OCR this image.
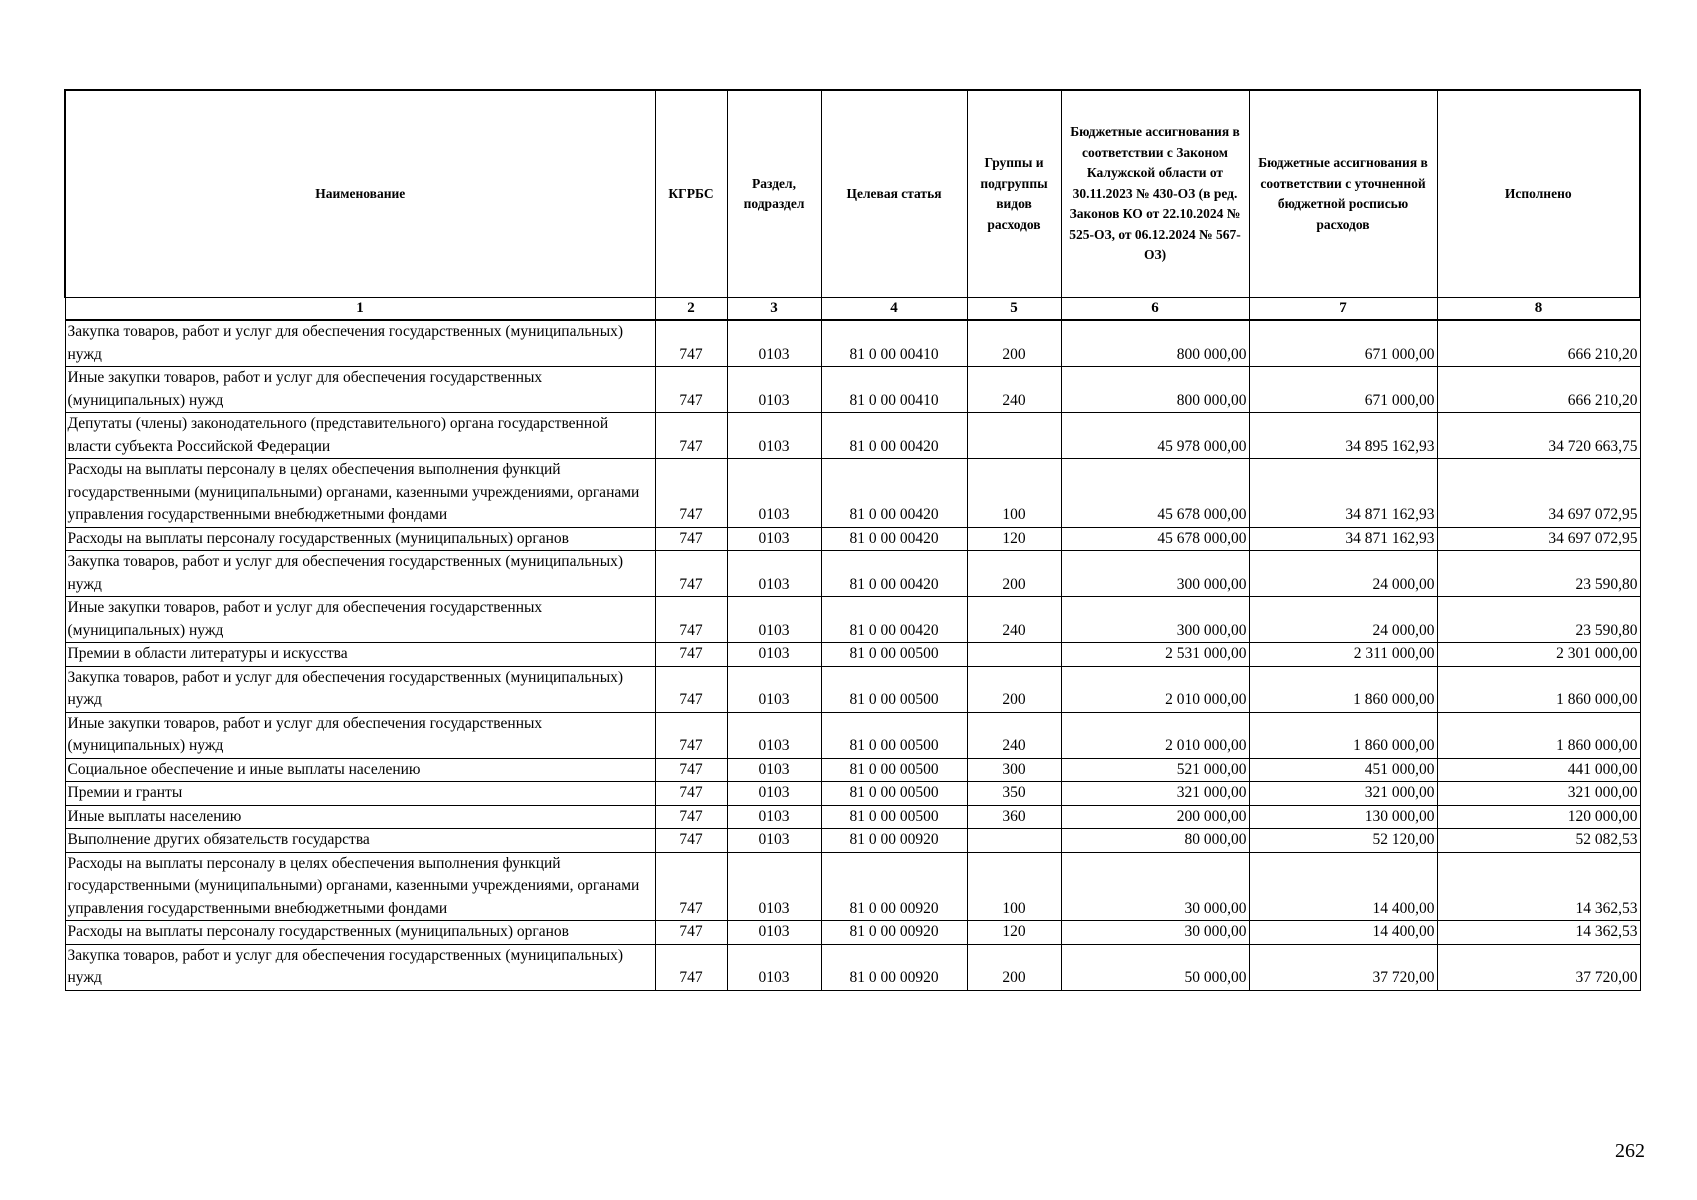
Наименование	КГРБС	Раздел, подраздел	Целевая статья	Группы и подгруппы видов расходов	Бюджетные ассигнования в соответствии с Законом Калужской области от 30.11.2023 № 430-ОЗ (в ред. Законов КО от 22.10.2024 № 525-ОЗ, от 06.12.2024 № 567-ОЗ)	Бюджетные ассигнования в соответствии с уточненной бюджетной росписью расходов	Исполнено
1	2	3	4	5	6	7	8
Закупка товаров, работ и услуг для обеспечения государственных (муниципальных) нужд	747	0103	81 0 00 00410	200	800 000,00	671 000,00	666 210,20
Иные закупки товаров, работ и услуг для обеспечения государственных (муниципальных) нужд	747	0103	81 0 00 00410	240	800 000,00	671 000,00	666 210,20
Депутаты (члены) законодательного (представительного) органа государственной власти субъекта Российской Федерации	747	0103	81 0 00 00420		45 978 000,00	34 895 162,93	34 720 663,75
Расходы на выплаты персоналу в целях обеспечения выполнения функций государственными (муниципальными) органами, казенными учреждениями, органами управления государственными внебюджетными фондами	747	0103	81 0 00 00420	100	45 678 000,00	34 871 162,93	34 697 072,95
Расходы на выплаты персоналу государственных (муниципальных) органов	747	0103	81 0 00 00420	120	45 678 000,00	34 871 162,93	34 697 072,95
Закупка товаров, работ и услуг для обеспечения государственных (муниципальных) нужд	747	0103	81 0 00 00420	200	300 000,00	24 000,00	23 590,80
Иные закупки товаров, работ и услуг для обеспечения государственных (муниципальных) нужд	747	0103	81 0 00 00420	240	300 000,00	24 000,00	23 590,80
Премии в области литературы и искусства	747	0103	81 0 00 00500		2 531 000,00	2 311 000,00	2 301 000,00
Закупка товаров, работ и услуг для обеспечения государственных (муниципальных) нужд	747	0103	81 0 00 00500	200	2 010 000,00	1 860 000,00	1 860 000,00
Иные закупки товаров, работ и услуг для обеспечения государственных (муниципальных) нужд	747	0103	81 0 00 00500	240	2 010 000,00	1 860 000,00	1 860 000,00
Социальное обеспечение и иные выплаты населению	747	0103	81 0 00 00500	300	521 000,00	451 000,00	441 000,00
Премии и гранты	747	0103	81 0 00 00500	350	321 000,00	321 000,00	321 000,00
Иные выплаты населению	747	0103	81 0 00 00500	360	200 000,00	130 000,00	120 000,00
Выполнение других обязательств государства	747	0103	81 0 00 00920		80 000,00	52 120,00	52 082,53
Расходы на выплаты персоналу в целях обеспечения выполнения функций государственными (муниципальными) органами, казенными учреждениями, органами управления государственными внебюджетными фондами	747	0103	81 0 00 00920	100	30 000,00	14 400,00	14 362,53
Расходы на выплаты персоналу государственных (муниципальных) органов	747	0103	81 0 00 00920	120	30 000,00	14 400,00	14 362,53
Закупка товаров, работ и услуг для обеспечения государственных (муниципальных) нужд	747	0103	81 0 00 00920	200	50 000,00	37 720,00	37 720,00
262
